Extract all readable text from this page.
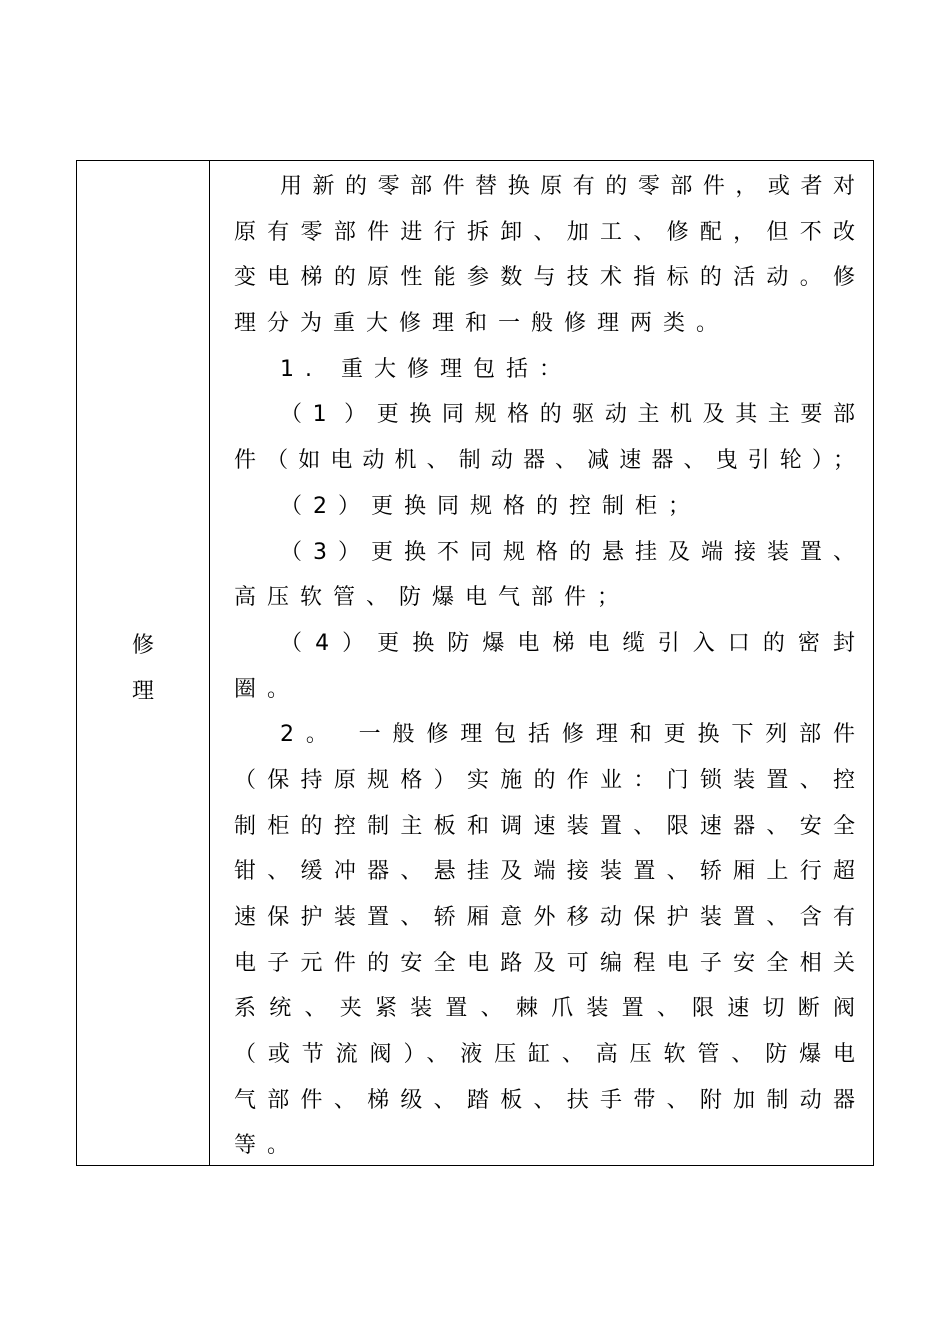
修
理
用新的零部件替换原有的零部件，或者对
原有零部件进行拆卸、加工、修配，但不改
变电梯的原性能参数与技术指标的活动。修
理分为重大修理和一般修理两类。
1. 重大修理包括：
（1 ）更换同规格的驱动主机及其主要部
件（如电动机、制动器、减速器、曳引轮）；
（2）更换同规格的控制柜；
（3）更换不同规格的悬挂及端接装置、
高压软管、防爆电气部件；
（4）更换防爆电梯电缆引入口的密封
圈。
2。 一般修理包括修理和更换下列部件
（保持原规格）实施的作业：门锁装置、控
制柜的控制主板和调速装置、限速器、安全
钳、缓冲器、悬挂及端接装置、轿厢上行超
速保护装置、轿厢意外移动保护装置、含有
电子元件的安全电路及可编程电子安全相关
系统、夹紧装置、棘爪装置、限速切断阀
（或节流阀）、液压缸、高压软管、防爆电
气部件、梯级、踏板、扶手带、附加制动器
等。
